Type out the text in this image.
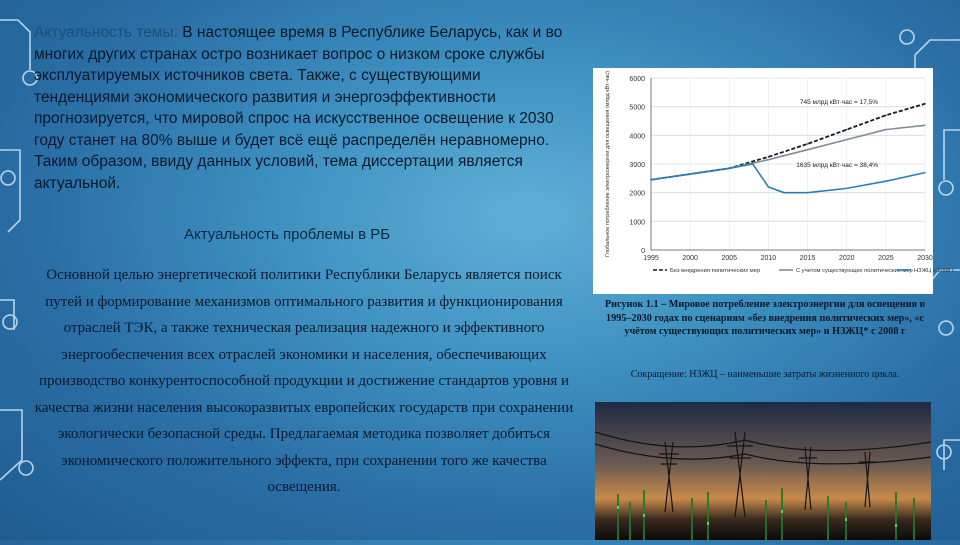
Актуальность темы: В настоящее время в Республике Беларусь, как и во многих других странах остро возникает вопрос о низком сроке службы эксплуатируемых источников света. Также, с существующими тенденциями экономического развития и энергоэффективности прогнозируется, что мировой спрос на искусственное освещение к 2030 году станет на 80% выше и будет всё ещё распределён неравномерно. Таким образом, ввиду данных условий, тема диссертации является актуальной.
Актуальность проблемы в РБ
Основной целью энергетической политики Республики Беларусь является поиск путей и формирование механизмов оптимального развития и функционирования отраслей ТЭК, а также техническая реализация надежного и эффективного энергообеспечения всех отраслей экономики и населения, обеспечивающих производство конкурентоспособной продукции и достижение стандартов уровня и качества жизни населения высокоразвитых европейских государств при сохранении экологически безопасной среды. Предлагаемая методика позволяет добиться экономического положительного эффекта, при сохранении того же качества освещения.
0
1000
2000
3000
4000
5000
6000
1995	2000	2005	2010	2015	2020	2025	2030
Глобальное потребление электроэнергии для освещения (млрд кВт·час)	745 млрд кВт·час = 17,5%
1635 млрд кВт·час = 38,4%
Без внедрения политических мер	С учетом существующих политических мер НЗЖЦ с 2008 г.
Рисунок 1.1 – Мировое потребление электроэнергии для освещения в 1995–2030 годах по сценариям «без внедрения политических мер», «с учётом существующих политических мер» и НЗЖЦ* с 2008 г
Сокращение: НЗЖЦ – наименьшие затраты жизненного цикла.
